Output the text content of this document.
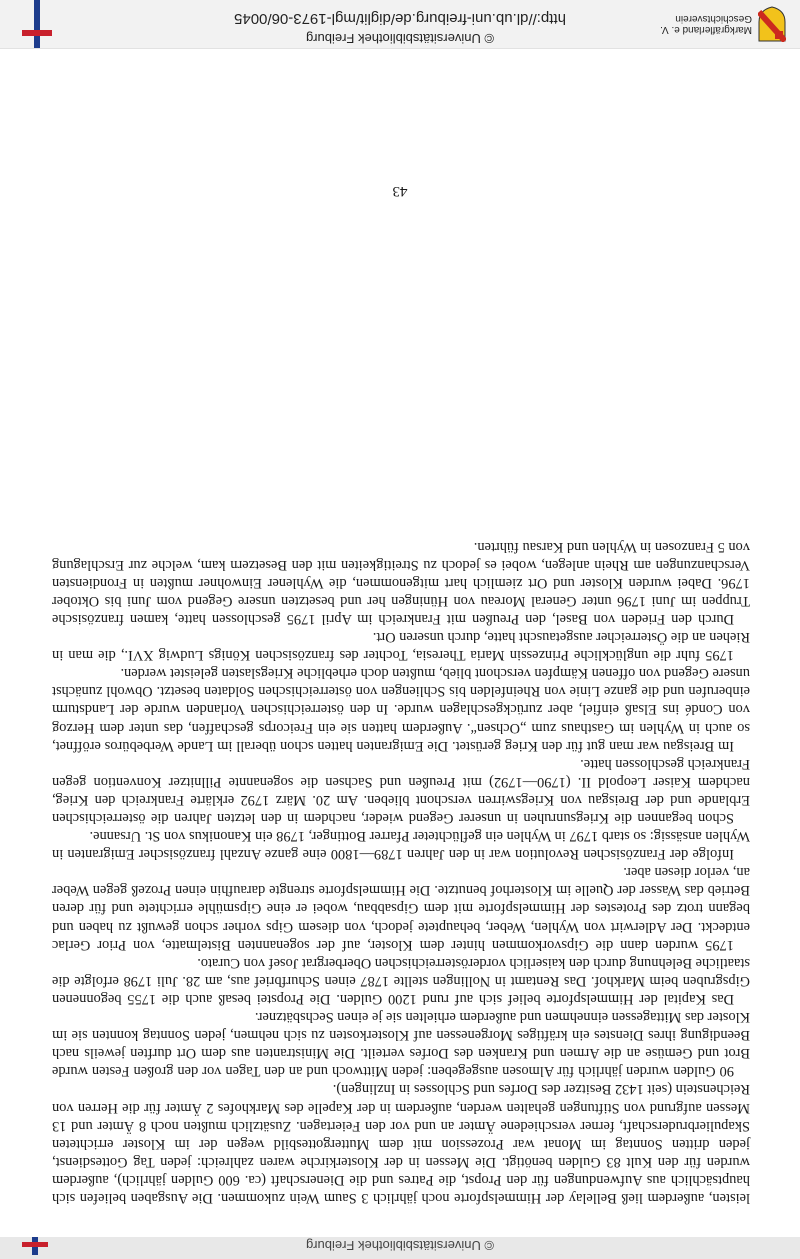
© Universitätsbibliothek Freiburg

leisten, außerdem ließ Bellelay der Himmelspforte noch jährlich 3 Saum Wein zukommen. Die Ausgaben beliefen sich hauptsächlich aus Aufwendungen für den Propst, die Patres und die Dienerschaft (ca. 600 Gulden jährlich), außerdem wurden für den Kult 83 Gulden benötigt. Die Messen in der Klosterkirche waren zahlreich: jeden Tag Gottesdienst, jeden dritten Sonntag im Monat war Prozession mit dem Muttergottesbild wegen der im Kloster errichteten Skapulierbruderschaft, ferner verschiedene Ämter an und vor den Feiertagen. Zusätzlich mußten noch 8 Ämter und 13 Messen aufgrund von Stiftungen gehalten werden, außerdem in der Kapelle des Markhofes 2 Ämter für die Herren von Reichenstein (seit 1432 Besitzer des Dorfes und Schlosses in Inzlingen).

90 Gulden wurden jährlich für Almosen ausgegeben: jeden Mittwoch und an den Tagen vor den großen Festen wurde Brot und Gemüse an die Armen und Kranken des Dorfes verteilt. Die Ministranten aus dem Ort durften jeweils nach Beendigung ihres Dienstes ein kräftiges Morgenessen auf Klosterkosten zu sich nehmen, jeden Sonntag konnten sie im Kloster das Mittagessen einnehmen und außerdem erhielten sie je einen Sechsbätzner.

Das Kapital der Himmelspforte belief sich auf rund 1200 Gulden. Die Propstei besaß auch die 1755 begonnenen Gipsgruben beim Markhof. Das Rentamt in Nollingen stellte 1787 einen Schurfbrief aus, am 28. Juli 1798 erfolgte die staatliche Belehnung durch den kaiserlich vorderösterreichischen Oberbergrat Josef von Curato.

1795 wurden dann die Gipsvorkommen hinter dem Kloster, auf der sogenannten Bistelmatte, von Prior Gerlac entdeckt. Der Adlerwirt von Wyhlen, Weber, behauptete jedoch, von diesem Gips vorher schon gewußt zu haben und begann trotz des Protestes der Himmelspforte mit dem Gipsabbau, wobei er eine Gipsmühle errichtete und für deren Betrieb das Wasser der Quelle im Klosterhof benutzte. Die Himmelspforte strengte daraufhin einen Prozeß gegen Weber an, verlor diesen aber.

Infolge der Französischen Revolution war in den Jahren 1789—1800 eine ganze Anzahl französischer Emigranten in Wyhlen ansässig: so starb 1797 in Wyhlen ein geflüchteter Pfarrer Bottinger, 1798 ein Kanonikus von St. Ursanne.

Schon begannen die Kriegsunruhen in unserer Gegend wieder, nachdem in den letzten Jahren die österreichischen Erblande und der Breisgau von Kriegswirren verschont blieben. Am 20. März 1792 erklärte Frankreich den Krieg, nachdem Kaiser Leopold II. (1790—1792) mit Preußen und Sachsen die sogenannte Pillnitzer Konvention gegen Frankreich geschlossen hatte.

Im Breisgau war man gut für den Krieg gerüstet. Die Emigranten hatten schon überall im Lande Werbebüros eröffnet, so auch in Wyhlen im Gasthaus zum „Ochsen“. Außerdem hatten sie ein Freicorps geschaffen, das unter dem Herzog von Condé ins Elsaß einfiel, aber zurückgeschlagen wurde. In den österreichischen Vorlanden wurde der Landsturm einberufen und die ganze Linie von Rheinfelden bis Schliengen von österreichischen Soldaten besetzt. Obwohl zunächst unsere Gegend von offenen Kämpfen verschont blieb, mußten doch erhebliche Kriegslasten geleistet werden.

1795 fuhr die unglückliche Prinzessin Maria Theresia, Tochter des französischen Königs Ludwig XVI., die man in Riehen an die Österreicher ausgetauscht hatte, durch unseren Ort.

Durch den Frieden von Basel, den Preußen mit Frankreich im April 1795 geschlossen hatte, kamen französische Truppen im Juni 1796 unter General Moreau von Hüningen her und besetzten unsere Gegend vom Juni bis Oktober 1796. Dabei wurden Kloster und Ort ziemlich hart mitgenommen, die Wyhlener Einwohner mußten in Frondiensten Verschanzungen am Rhein anlegen, wobei es jedoch zu Streitigkeiten mit den Besetzern kam, welche zur Erschlagung von 5 Franzosen in Wyhlen und Karsau führten.

43
Markgräflerland e. V.
Geschichtsverein
© Universitätsbibliothek Freiburg
http://dl.ub.uni-freiburg.de/diglit/mgl-1973-06/0045
